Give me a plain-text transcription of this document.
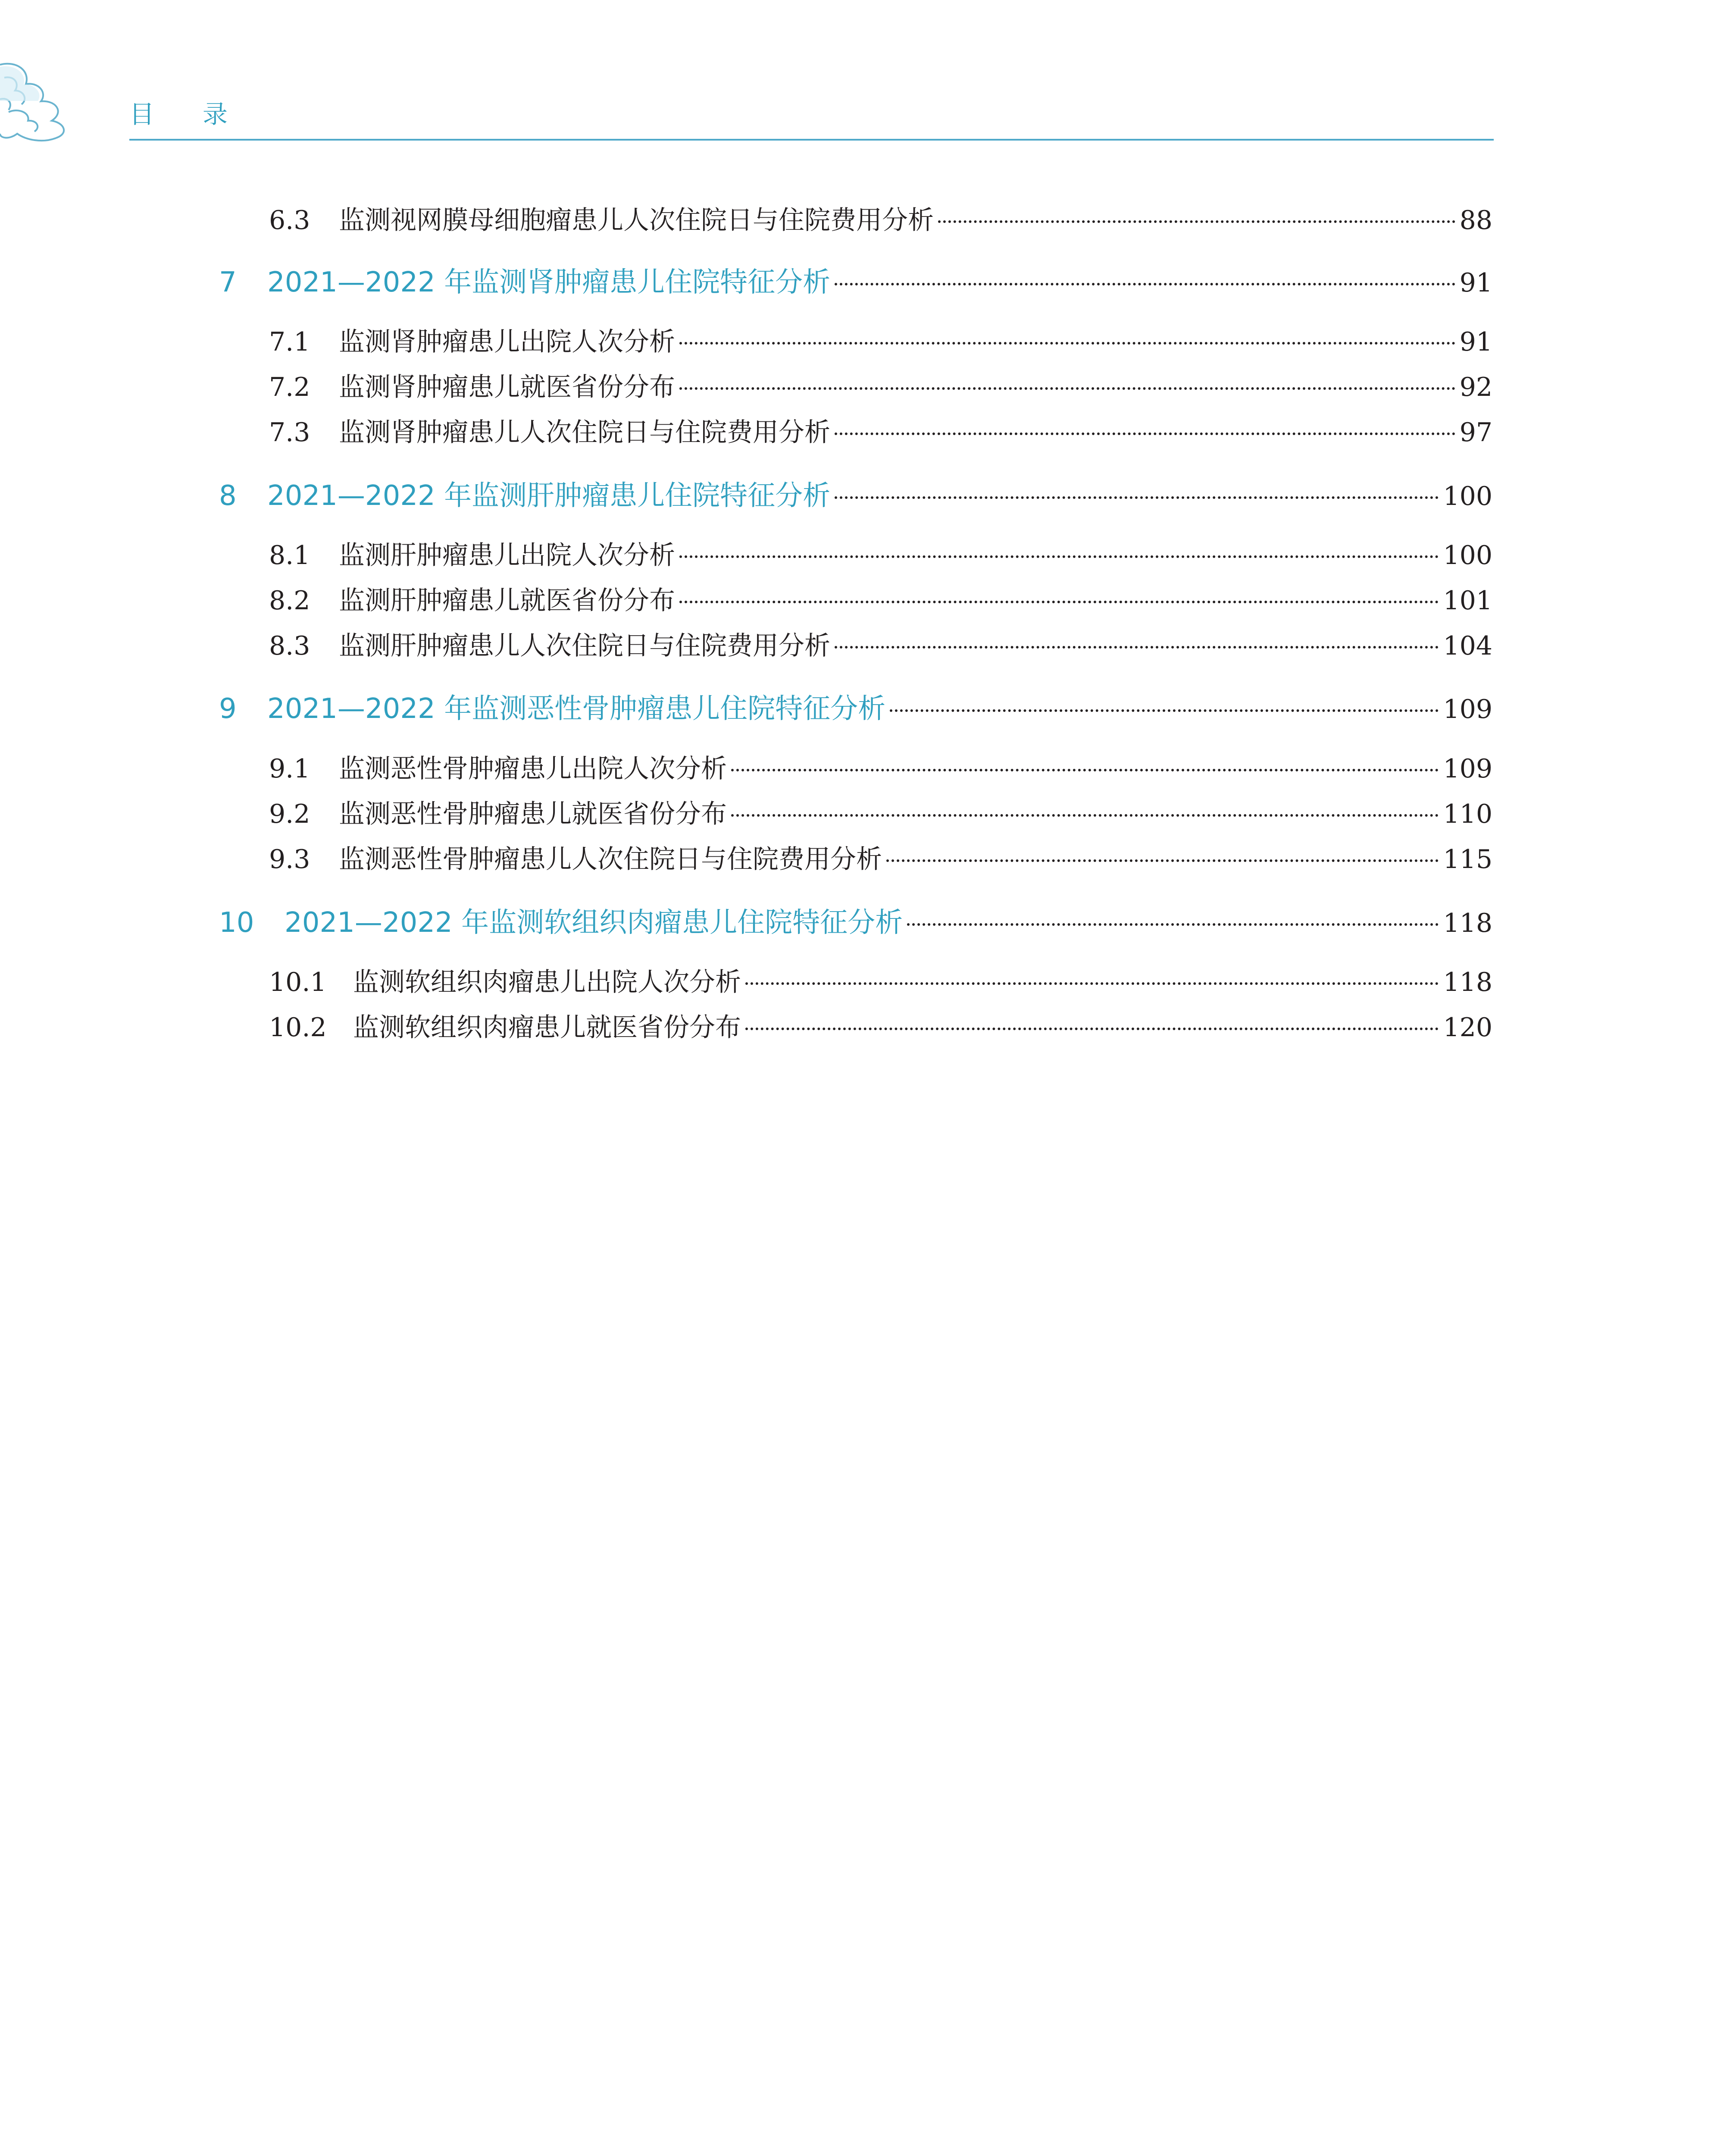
目 录
6.3	监测视网膜母细胞瘤患儿人次住院日与住院费用分析	88
7	2021—2022 年监测肾肿瘤患儿住院特征分析	91
7.1	监测肾肿瘤患儿出院人次分析	91
7.2	监测肾肿瘤患儿就医省份分布	92
7.3	监测肾肿瘤患儿人次住院日与住院费用分析	97
8	2021—2022 年监测肝肿瘤患儿住院特征分析	100
8.1	监测肝肿瘤患儿出院人次分析	100
8.2	监测肝肿瘤患儿就医省份分布	101
8.3	监测肝肿瘤患儿人次住院日与住院费用分析	104
9	2021—2022 年监测恶性骨肿瘤患儿住院特征分析	109
9.1	监测恶性骨肿瘤患儿出院人次分析	109
9.2	监测恶性骨肿瘤患儿就医省份分布	110
9.3	监测恶性骨肿瘤患儿人次住院日与住院费用分析	115
10	2021—2022 年监测软组织肉瘤患儿住院特征分析	118
10.1	监测软组织肉瘤患儿出院人次分析	118
10.2	监测软组织肉瘤患儿就医省份分布	120
